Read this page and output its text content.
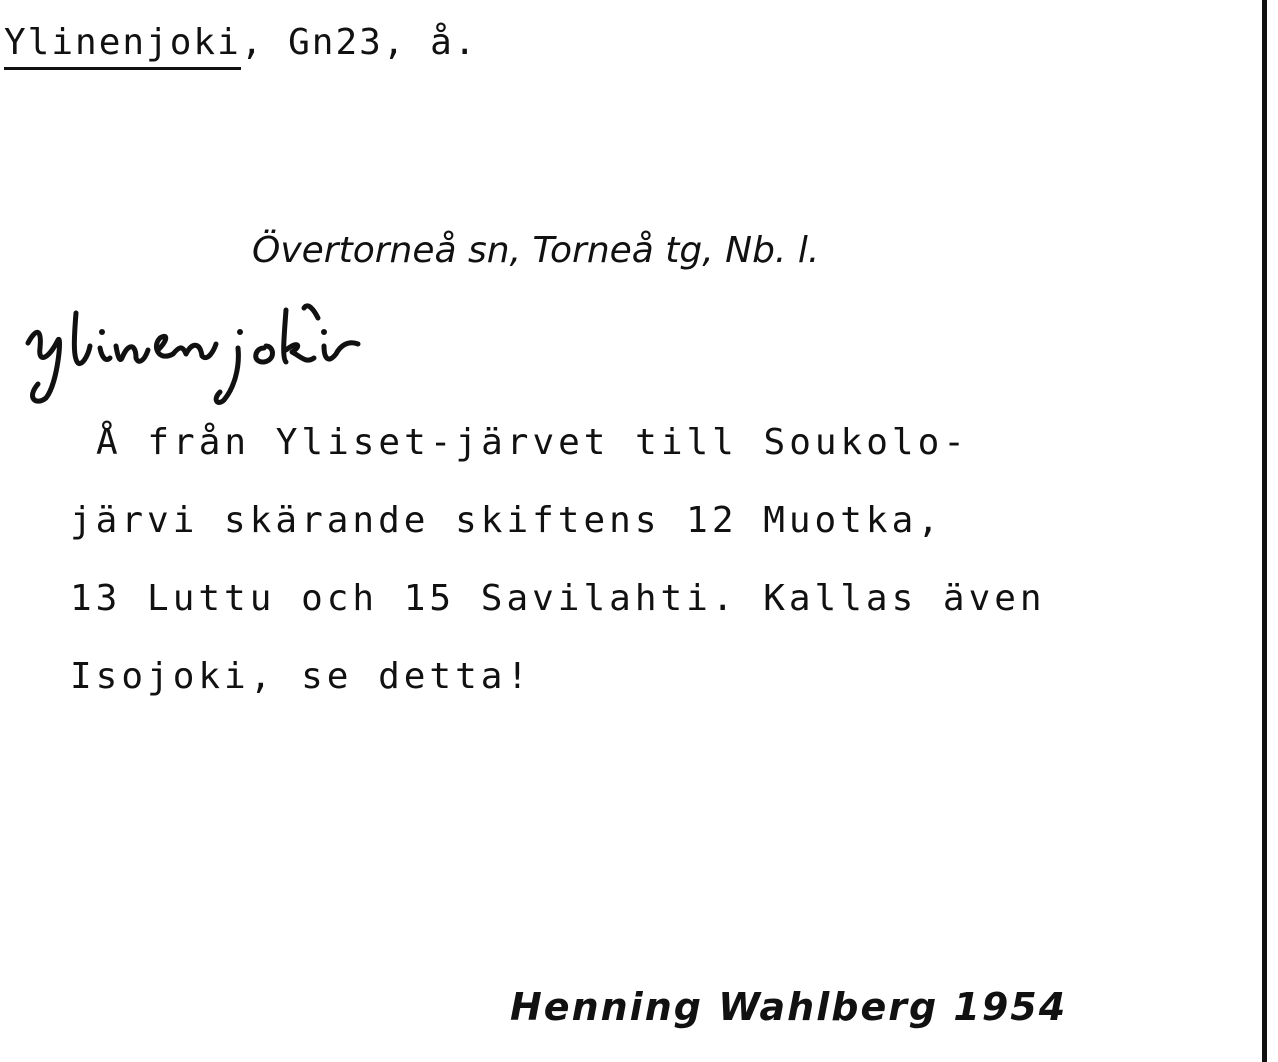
Ylinenjoki, Gn23, å.
Övertorneå sn, Torneå tg, Nb. l.
Å från Yliset-järvet till Soukolo-
järvi skärande skiftens 12 Muotka,
13 Luttu och 15 Savilahti. Kallas även
Isojoki, se detta!
Henning Wahlberg 1954
